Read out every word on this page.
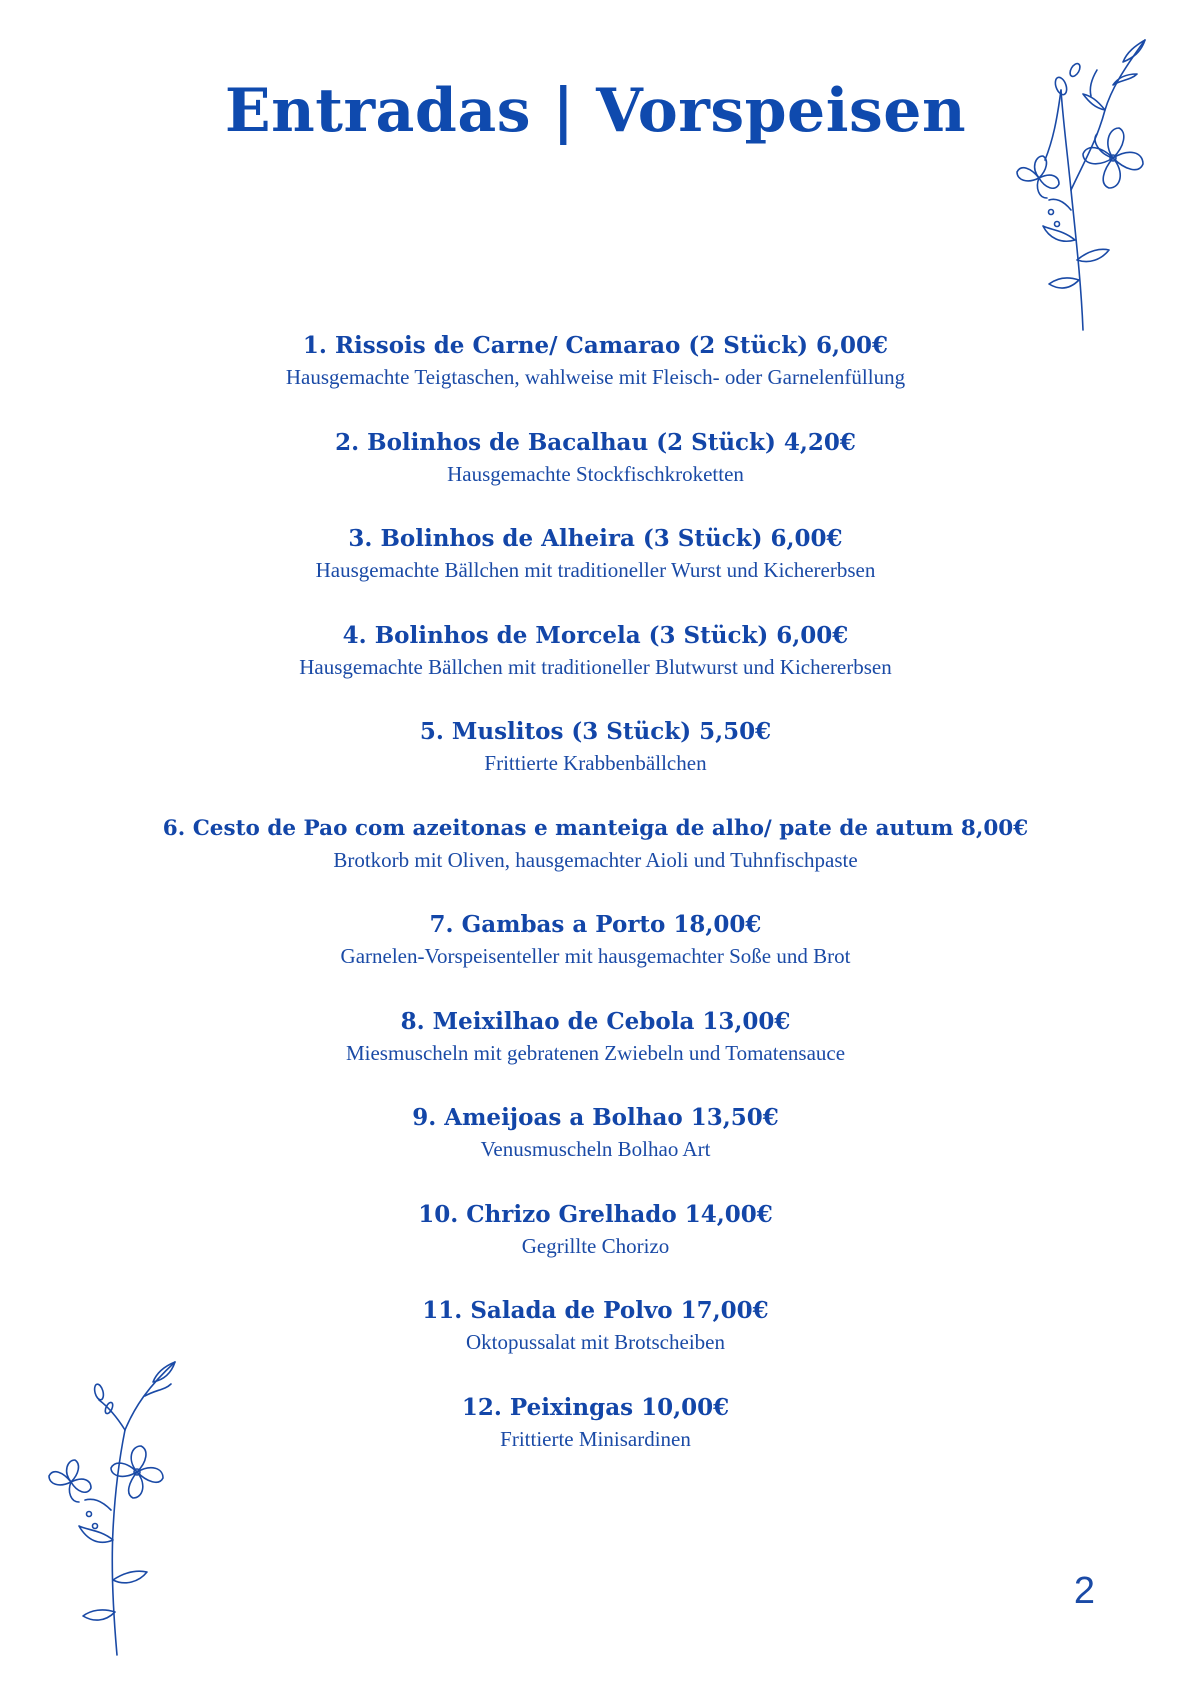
Entradas | Vorspeisen
1. Rissois de Carne/ Camarao (2 Stück) 6,00€
Hausgemachte Teigtaschen, wahlweise mit Fleisch- oder Garnelenfüllung
2. Bolinhos de Bacalhau (2 Stück) 4,20€
Hausgemachte Stockfischkroketten
3. Bolinhos de Alheira (3 Stück) 6,00€
Hausgemachte Bällchen mit traditioneller Wurst und Kichererbsen
4. Bolinhos de Morcela (3 Stück) 6,00€
Hausgemachte Bällchen mit traditioneller Blutwurst und Kichererbsen
5. Muslitos (3 Stück) 5,50€
Frittierte Krabbenbällchen
6. Cesto de Pao com azeitonas e manteiga de alho/ pate de autum 8,00€
Brotkorb mit Oliven, hausgemachter Aioli und Tuhnfischpaste
7. Gambas a Porto 18,00€
Garnelen-Vorspeisenteller mit hausgemachter Soße und Brot
8. Meixilhao de Cebola 13,00€
Miesmuscheln mit gebratenen Zwiebeln und Tomatensauce
9. Ameijoas a Bolhao 13,50€
Venusmuscheln Bolhao Art
10. Chrizo Grelhado 14,00€
Gegrillte Chorizo
11. Salada de Polvo 17,00€
Oktopussalat mit Brotscheiben
12. Peixingas 10,00€
Frittierte Minisardinen
2
